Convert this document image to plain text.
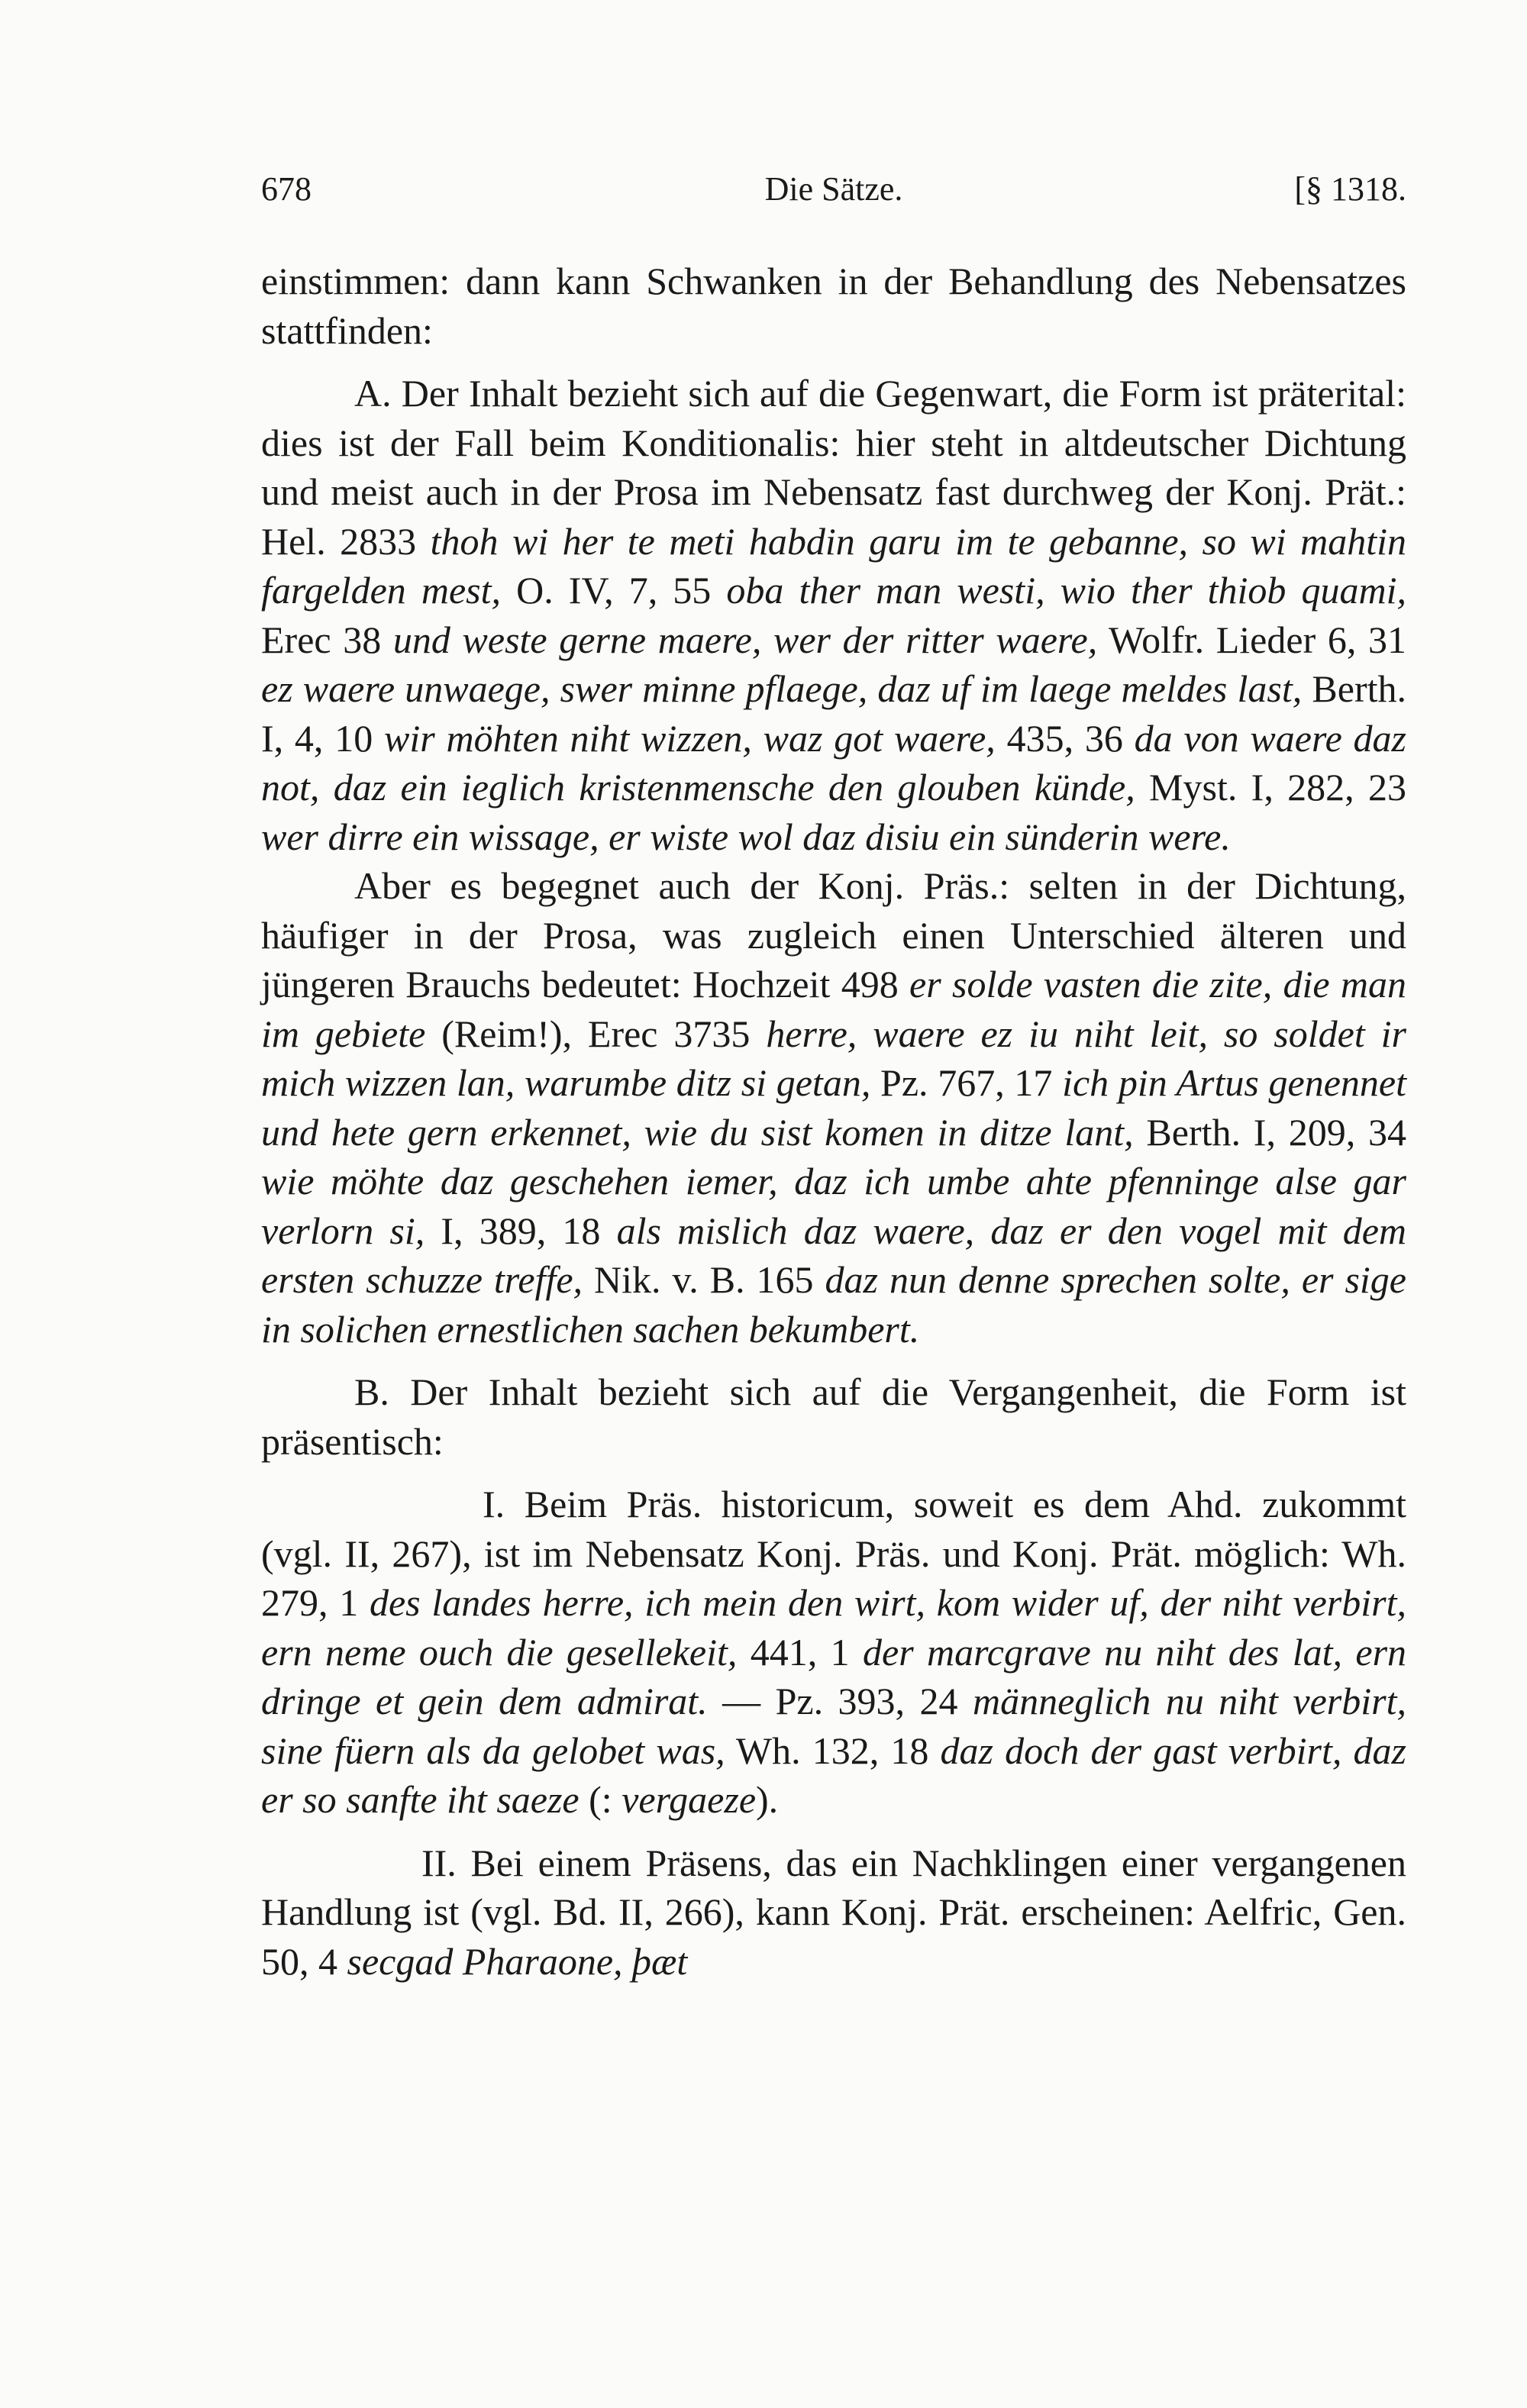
678	Die Sätze.	[§ 1318.

einstimmen: dann kann Schwanken in der Behandlung des Nebensatzes stattfinden:

A. Der Inhalt bezieht sich auf die Gegenwart, die Form ist präterital: dies ist der Fall beim Konditionalis: hier steht in altdeutscher Dichtung und meist auch in der Prosa im Nebensatz fast durchweg der Konj. Prät.: Hel. 2833 thoh wi her te meti habdin garu im te gebanne, so wi mahtin fargelden mest, O. IV, 7, 55 oba ther man westi, wio ther thiob quami, Erec 38 und weste gerne maere, wer der ritter waere, Wolfr. Lieder 6, 31 ez waere unwaege, swer minne pflaege, daz uf im laege meldes last, Berth. I, 4, 10 wir möhten niht wizzen, waz got waere, 435, 36 da von waere daz not, daz ein ieglich kristenmensche den glouben künde, Myst. I, 282, 23 wer dirre ein wissage, er wiste wol daz disiu ein sünderin were.

Aber es begegnet auch der Konj. Präs.: selten in der Dichtung, häufiger in der Prosa, was zugleich einen Unterschied älteren und jüngeren Brauchs bedeutet: Hochzeit 498 er solde vasten die zite, die man im gebiete (Reim!), Erec 3735 herre, waere ez iu niht leit, so soldet ir mich wizzen lan, warumbe ditz si getan, Pz. 767, 17 ich pin Artus genennet und hete gern erkennet, wie du sist komen in ditze lant, Berth. I, 209, 34 wie möhte daz geschehen iemer, daz ich umbe ahte pfenninge alse gar verlorn si, I, 389, 18 als mislich daz waere, daz er den vogel mit dem ersten schuzze treffe, Nik. v. B. 165 daz nun denne sprechen solte, er sige in solichen ernestlichen sachen bekumbert.

B. Der Inhalt bezieht sich auf die Vergangenheit, die Form ist präsentisch:

I. Beim Präs. historicum, soweit es dem Ahd. zukommt (vgl. II, 267), ist im Nebensatz Konj. Präs. und Konj. Prät. möglich: Wh. 279, 1 des landes herre, ich mein den wirt, kom wider uf, der niht verbirt, ern neme ouch die gesellekeit, 441, 1 der marcgrave nu niht des lat, ern dringe et gein dem admirat. — Pz. 393, 24 männeglich nu niht verbirt, sine füern als da gelobet was, Wh. 132, 18 daz doch der gast verbirt, daz er so sanfte iht saeze (: vergaeze).

II. Bei einem Präsens, das ein Nachklingen einer vergangenen Handlung ist (vgl. Bd. II, 266), kann Konj. Prät. erscheinen: Aelfric, Gen. 50, 4 secgad Pharaone, þæt
